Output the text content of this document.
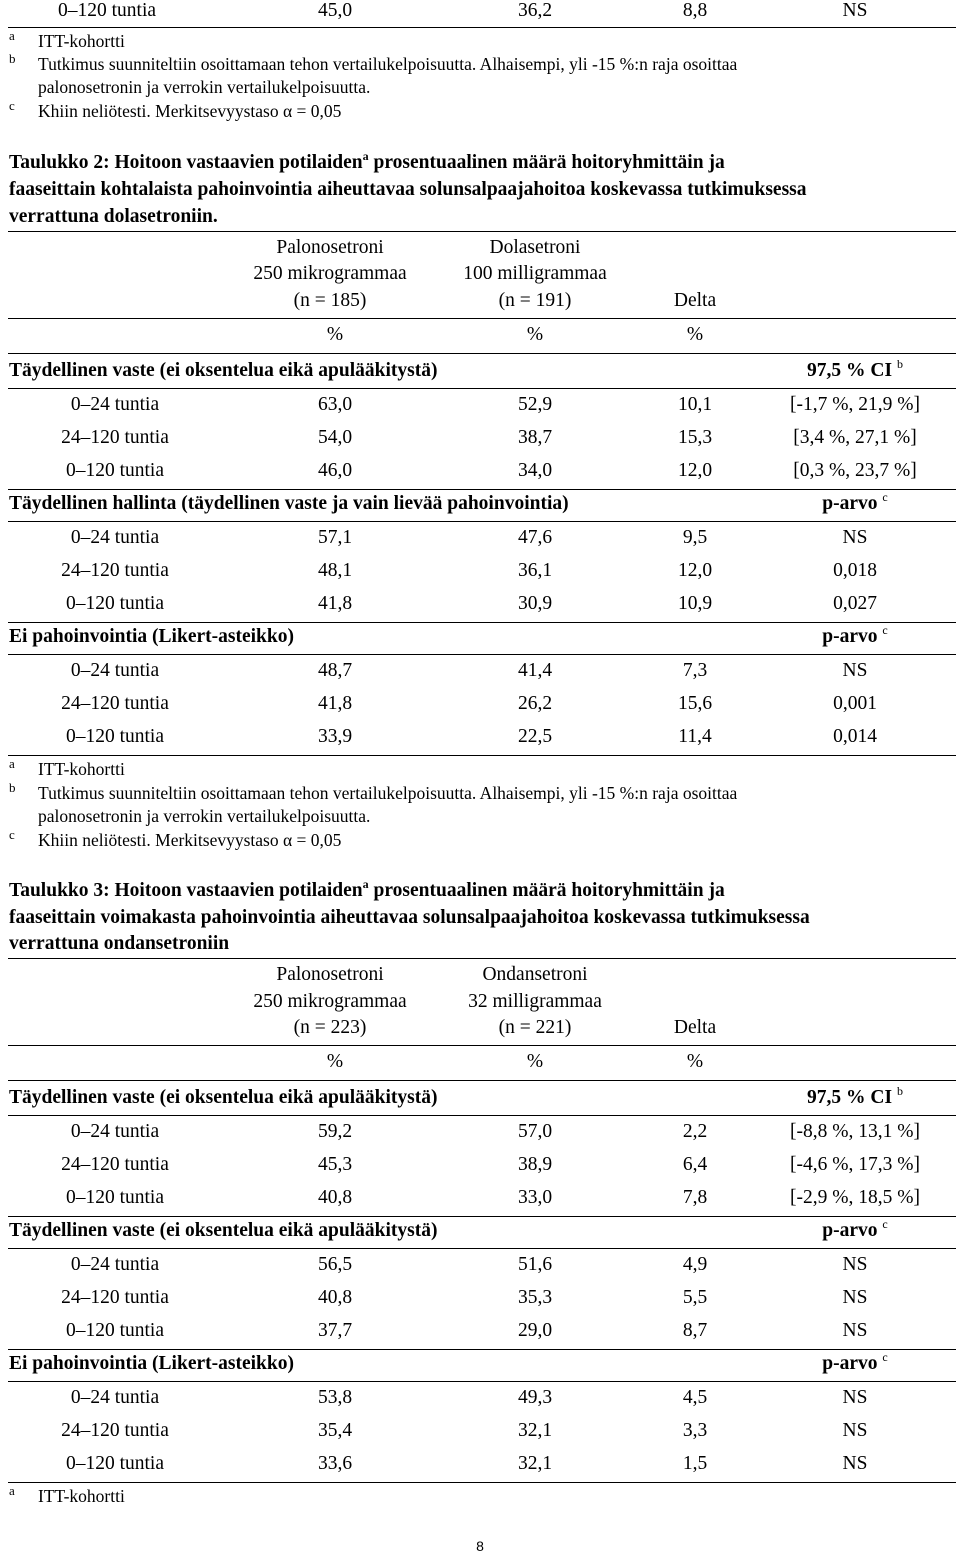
0–120 tuntia	45,0	36,2	8,8	NS
a ITT-kohortti
b Tutkimus suunniteltiin osoittamaan tehon vertailukelpoisuutta. Alhaisempi, yli -15 %:n raja osoittaa
palonosetronin ja verrokin vertailukelpoisuutta.
c Khiin neliötesti. Merkitsevyystaso α = 0,05
Taulukko 2: Hoitoon vastaavien potilaiden$^a$ prosentuaalinen määrä hoitoryhmittäin ja
faaseittain kohtalaista pahoinvointia aiheuttavaa solunsalpaajahoitoa koskevassa tutkimuksessa
verrattuna dolasetroniin.
Palonosetroni
250 mikrogrammaa
(n = 185)
Dolasetroni
100 milligrammaa
(n = 191)	Delta
%	%	%
Täydellinen vaste (ei oksentelua eikä apulääkitystä)	97,5 % CI $^b$
0–24 tuntia	63,0	52,9	10,1	[-1,7 %, 21,9 %]
24–120 tuntia	54,0	38,7	15,3	[3,4 %, 27,1 %]
0–120 tuntia	46,0	34,0	12,0	[0,3 %, 23,7 %]
Täydellinen hallinta (täydellinen vaste ja vain lievää pahoinvointia)	p-arvo $^c$
0–24 tuntia	57,1	47,6	9,5	NS
24–120 tuntia	48,1	36,1	12,0	0,018
0–120 tuntia	41,8	30,9	10,9	0,027
Ei pahoinvointia (Likert-asteikko)	p-arvo $^c$
0–24 tuntia	48,7	41,4	7,3	NS
24–120 tuntia	41,8	26,2	15,6	0,001
0–120 tuntia	33,9	22,5	11,4	0,014
a ITT-kohortti
b Tutkimus suunniteltiin osoittamaan tehon vertailukelpoisuutta. Alhaisempi, yli -15 %:n raja osoittaa
palonosetronin ja verrokin vertailukelpoisuutta.
c Khiin neliötesti. Merkitsevyystaso α = 0,05
Taulukko 3: Hoitoon vastaavien potilaiden$^a$ prosentuaalinen määrä hoitoryhmittäin ja
faaseittain voimakasta pahoinvointia aiheuttavaa solunsalpaajahoitoa koskevassa tutkimuksessa
verrattuna ondansetroniin
Palonosetroni
250 mikrogrammaa
(n = 223)
Ondansetroni
32 milligrammaa
(n = 221)	Delta
%	%	%
Täydellinen vaste (ei oksentelua eikä apulääkitystä)	97,5 % CI $^b$
0–24 tuntia	59,2	57,0	2,2	[-8,8 %, 13,1 %]
24–120 tuntia	45,3	38,9	6,4	[-4,6 %, 17,3 %]
0–120 tuntia	40,8	33,0	7,8	[-2,9 %, 18,5 %]
Täydellinen vaste (ei oksentelua eikä apulääkitystä)	p-arvo $^c$
0–24 tuntia	56,5	51,6	4,9	NS
24–120 tuntia	40,8	35,3	5,5	NS
0–120 tuntia	37,7	29,0	8,7	NS
Ei pahoinvointia (Likert-asteikko)	p-arvo $^c$
0–24 tuntia	53,8	49,3	4,5	NS
24–120 tuntia	35,4	32,1	3,3	NS
0–120 tuntia	33,6	32,1	1,5	NS
a ITT-kohortti
8
